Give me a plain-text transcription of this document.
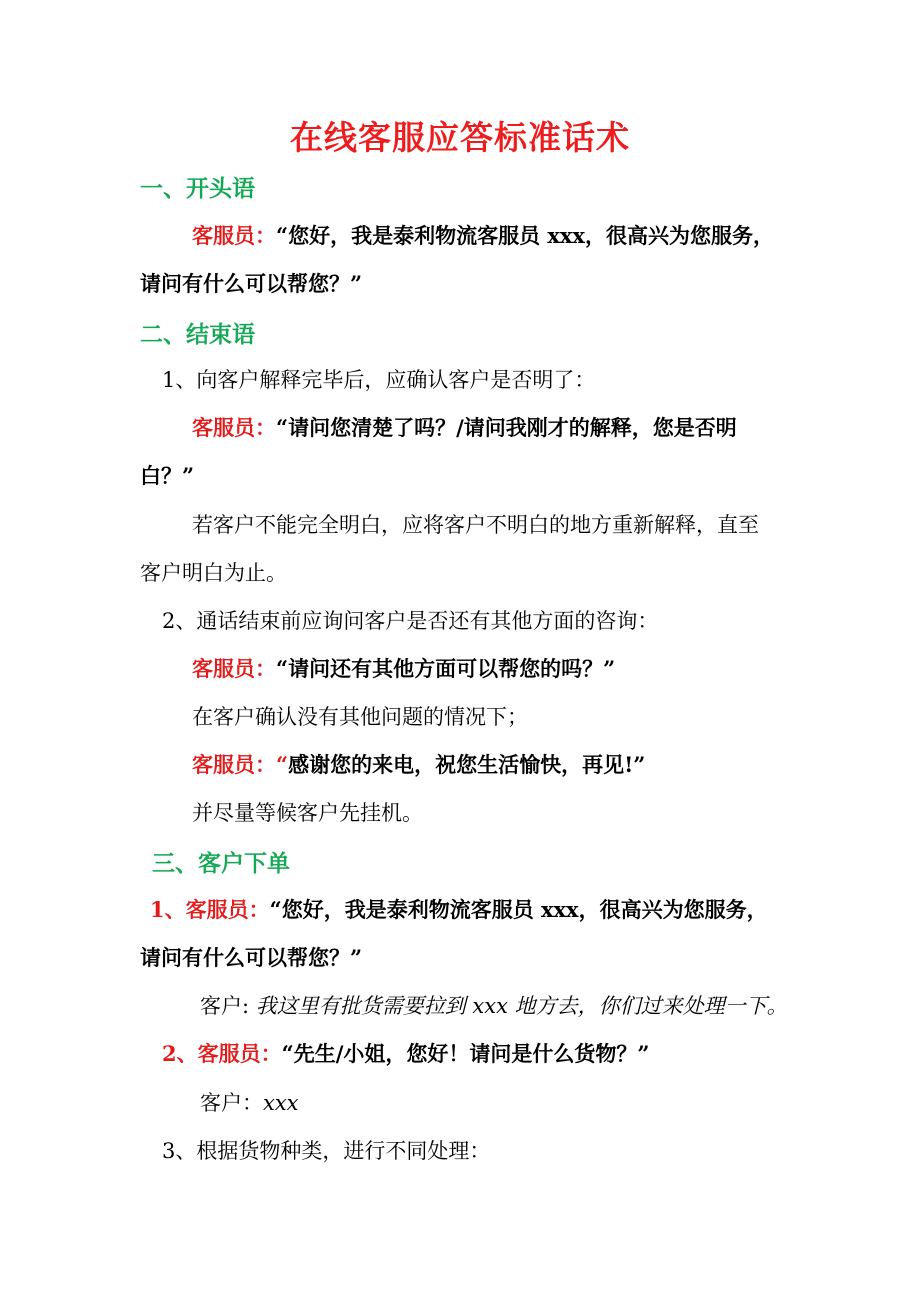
在线客服应答标准话术
一、开头语
客服员：“您好，我是泰利物流客服员 xxx，很高兴为您服务，
请问有什么可以帮您？”
二、结束语
1、向客户解释完毕后，应确认客户是否明了：
客服员：“请问您清楚了吗？/请问我刚才的解释，您是否明
白？”
若客户不能完全明白，应将客户不明白的地方重新解释，直至
客户明白为止。
2、通话结束前应询问客户是否还有其他方面的咨询：
客服员：“请问还有其他方面可以帮您的吗？”
在客户确认没有其他问题的情况下；
客服员：“感谢您的来电，祝您生活愉快，再见!”
并尽量等候客户先挂机。
三、客户下单
1、客服员：“您好，我是泰利物流客服员 xxx，很高兴为您服务，
请问有什么可以帮您？”
客户: 我这里有批货需要拉到 xxx 地方去，你们过来处理一下。
2、客服员：“先生/小姐，您好！请问是什么货物？”
客户：xxx
3、根据货物种类，进行不同处理：
